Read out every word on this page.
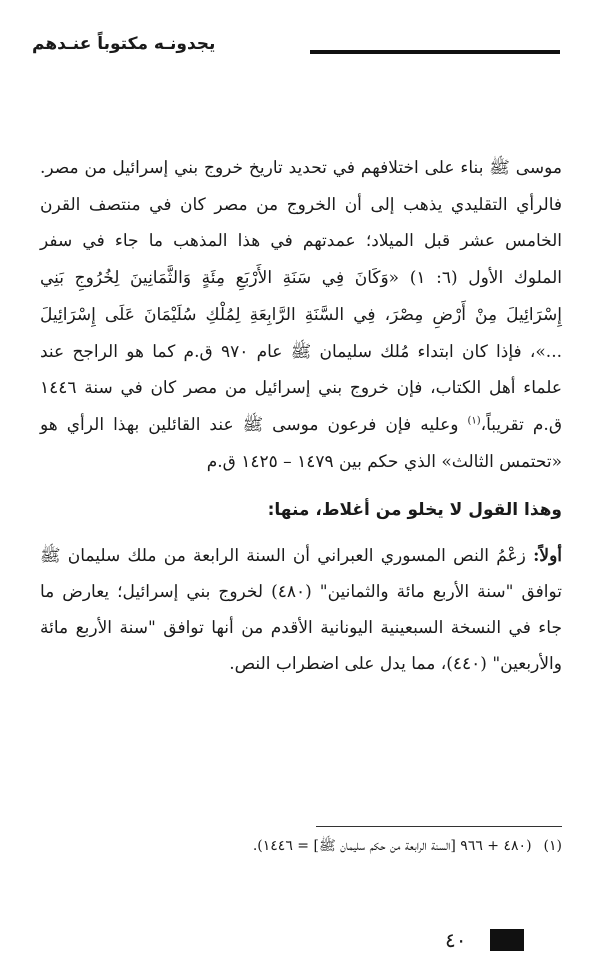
يجدونـه مكتوباً عنـدهم

موسى ﷺ بناء على اختلافهم في تحديد تاريخ خروج بني إسرائيل من مصر. فالرأي التقليدي يذهب إلى أن الخروج من مصر كان في منتصف القرن الخامس عشر قبل الميلاد؛ عمدتهم في هذا المذهب ما جاء في سفر الملوك الأول (٦: ١) «وَكَانَ فِي سَنَةِ الأَرْبَعِ مِئَةٍ وَالثَّمَانِينَ لِخُرُوجِ بَنِي إِسْرَائِيلَ مِنْ أَرْضِ مِصْرَ، فِي السَّنَةِ الرَّابِعَةِ لِمُلْكِ سُلَيْمَانَ عَلَى إِسْرَائِيلَ ...»، فإذا كان ابتداء مُلك سليمان ﷺ عام ٩٧٠ ق.م كما هو الراجح عند علماء أهل الكتاب، فإن خروج بني إسرائيل من مصر كان في سنة ١٤٤٦ ق.م تقريباً،$^{(١)}$ وعليه فإن فرعون موسى ﷺ عند القائلين بهذا الرأي هو «تحتمس الثالث» الذي حكم بين ١٤٧٩ – ١٤٢٥ ق.م

وهذا القول لا يخلو من أغلاط، منها:

أولاً: زعْمُ النص المسوري العبراني أن السنة الرابعة من ملك سليمان ﷺ توافق "سنة الأربع مائة والثمانين" (٤٨٠) لخروج بني إسرائيل؛ يعارض ما جاء في النسخة السبعينية اليونانية الأقدم من أنها توافق "سنة الأربع مائة والأربعين" (٤٤٠)، مما يدل على اضطراب النص.

(١)(٤٨٠ + ٩٦٦ [السنة الرابعة من حكم سليمان ﷺ] = ١٤٤٦).
٤٠
